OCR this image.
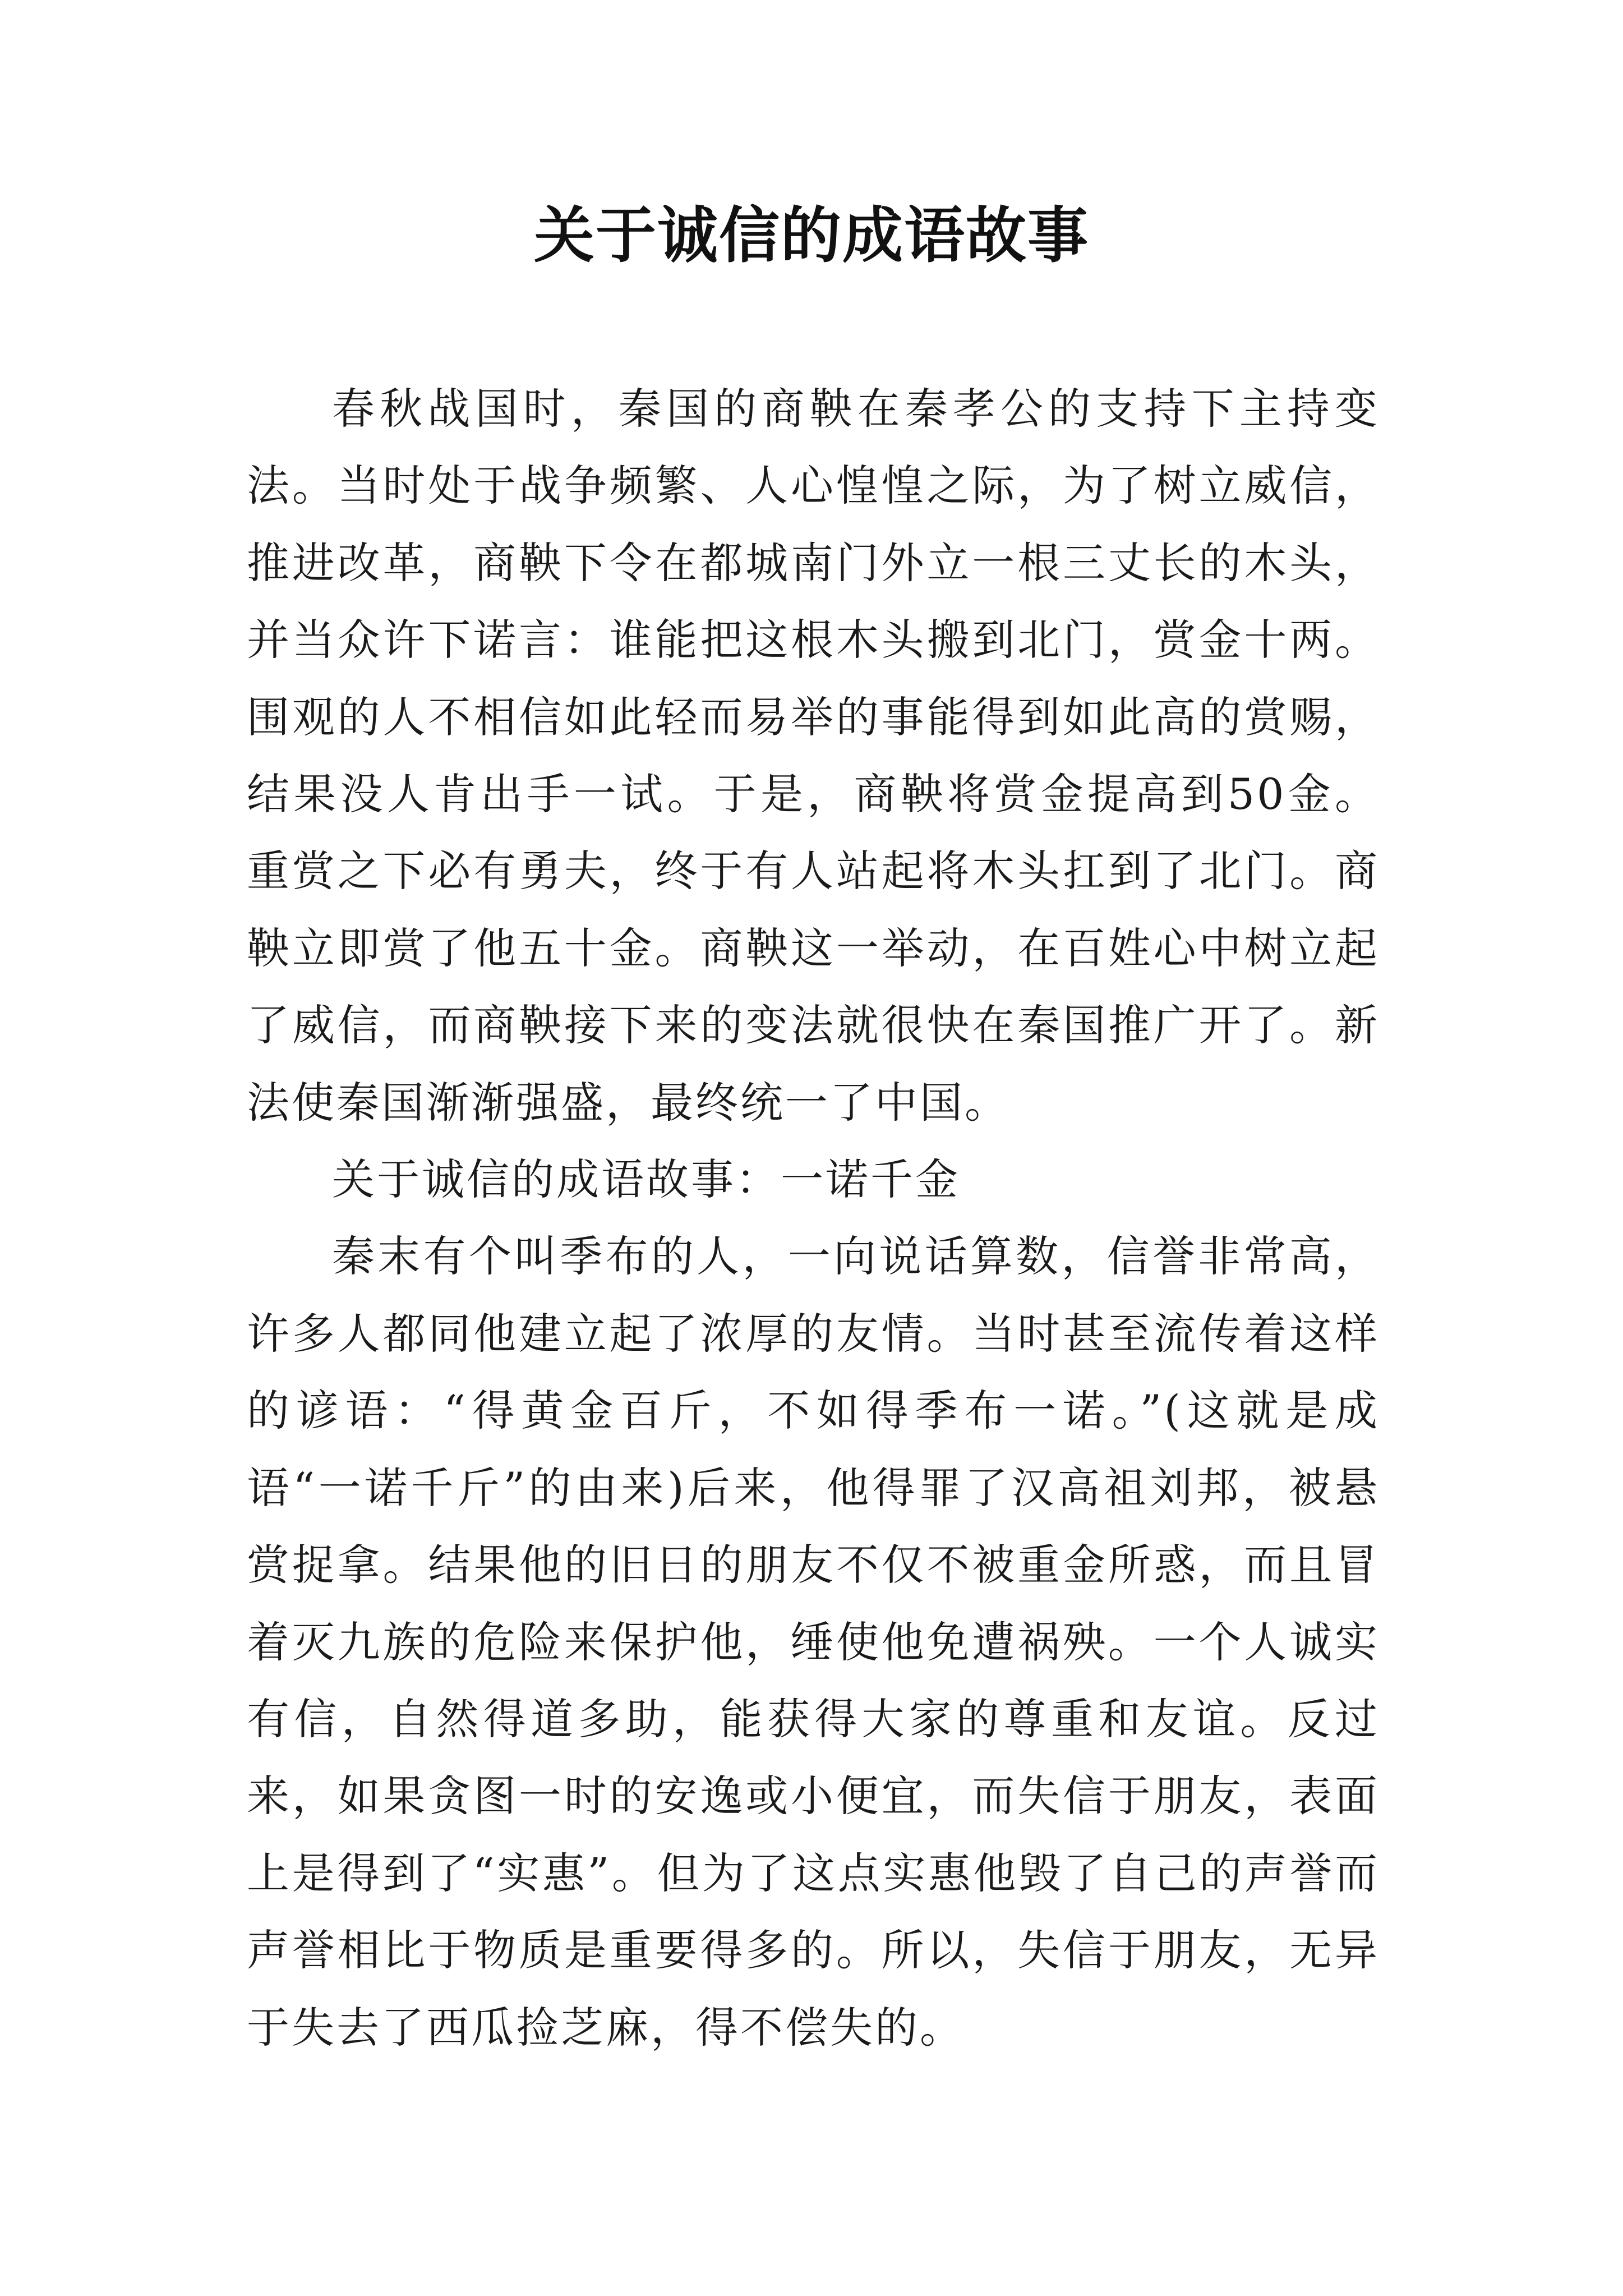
关于诚信的成语故事

春秋战国时，秦国的商鞅在秦孝公的支持下主持变法。当时处于战争频繁、人心惶惶之际，为了树立威信，推进改革，商鞅下令在都城南门外立一根三丈长的木头，并当众许下诺言：谁能把这根木头搬到北门，赏金十两。围观的人不相信如此轻而易举的事能得到如此高的赏赐，结果没人肯出手一试。于是，商鞅将赏金提高到50金。重赏之下必有勇夫，终于有人站起将木头扛到了北门。商鞅立即赏了他五十金。商鞅这一举动，在百姓心中树立起了威信，而商鞅接下来的变法就很快在秦国推广开了。新法使秦国渐渐强盛，最终统一了中国。

关于诚信的成语故事：一诺千金

秦末有个叫季布的人，一向说话算数，信誉非常高，许多人都同他建立起了浓厚的友情。当时甚至流传着这样的谚语：“得黄金百斤，不如得季布一诺。”(这就是成语“一诺千斤”的由来)后来，他得罪了汉高祖刘邦，被悬赏捉拿。结果他的旧日的朋友不仅不被重金所惑，而且冒着灭九族的危险来保护他，缍使他免遭祸殃。一个人诚实有信，自然得道多助，能获得大家的尊重和友谊。反过来，如果贪图一时的安逸或小便宜，而失信于朋友，表面上是得到了“实惠”。但为了这点实惠他毁了自己的声誉而声誉相比于物质是重要得多的。所以，失信于朋友，无异于失去了西瓜捡芝麻，得不偿失的。
